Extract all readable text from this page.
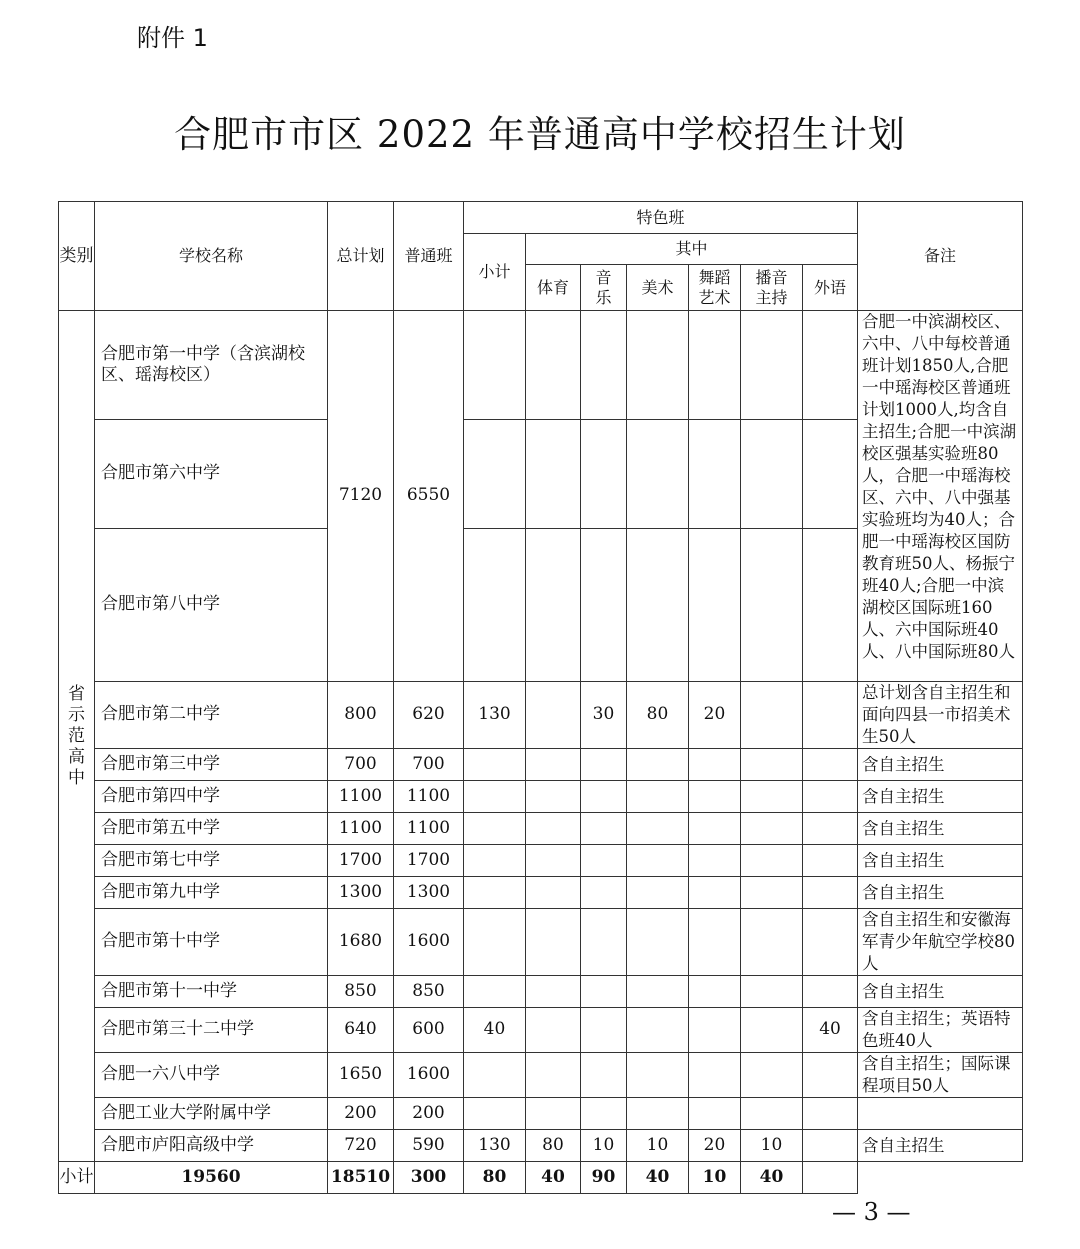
附件 1
合肥市市区 2022 年普通高中学校招生计划
类别	学校名称	总计划	普通班	特色班							备注
				小计	其中						
					体育	音乐	美术	舞蹈艺术	播音主持	外语	

省
示
范
高
中	合肥市第一中学（含滨湖校区、瑶海校区）	7120	6550								合肥一中滨湖校区、六中、八中每校普通班计划1850人,合肥一中瑶海校区普通班计划1000人,均含自主招生;合肥一中滨湖校区强基实验班80人，合肥一中瑶海校区、六中、八中强基实验班均为40人；合肥一中瑶海校区国防教育班50人、杨振宁班40人;合肥一中滨湖校区国际班160人、六中国际班40人、八中国际班80人
	合肥市第六中学										
	合肥市第八中学										
	合肥市第二中学	800	620	130		30	80	20			总计划含自主招生和面向四县一市招美术生50人
	合肥市第三中学	700	700								含自主招生
	合肥市第四中学	1100	1100								含自主招生
	合肥市第五中学	1100	1100								含自主招生
	合肥市第七中学	1700	1700								含自主招生
	合肥市第九中学	1300	1300								含自主招生
	合肥市第十中学	1680	1600								含自主招生和安徽海军青少年航空学校80人
	合肥市第十一中学	850	850								含自主招生
	合肥市第三十二中学	640	600	40						40	含自主招生；英语特色班40人
	合肥一六八中学	1650	1600								含自主招生；国际课程项目50人
	合肥工业大学附属中学	200	200								
	合肥市庐阳高级中学	720	590	130	80	10	10	20	10		含自主招生
小计	19560	18510	300	80	40	90	40	10	40		
— 3 —
